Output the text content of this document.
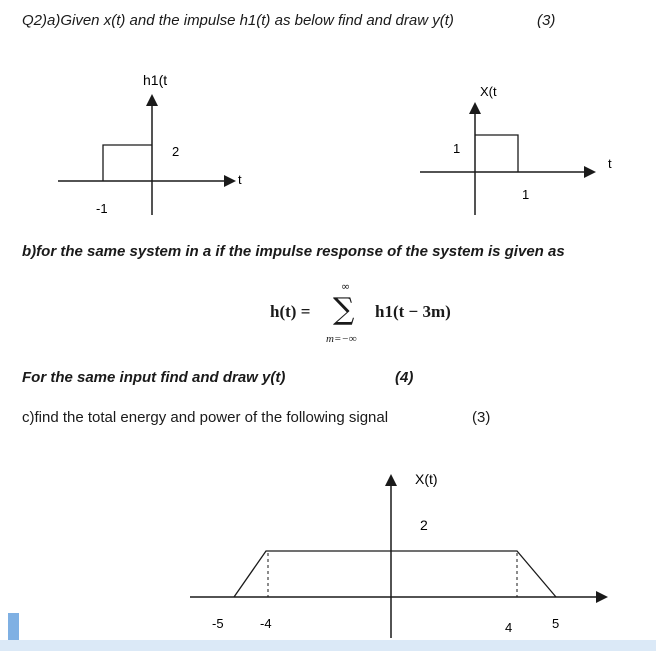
Q2)a)Given x(t) and the impulse h1(t) as below find and draw y(t)	(3)
h1(t
2
-1
t
X(t
1
1
t
b)for the same system in a if the impulse response of the system is given as
h(t) =
∞
∑
m=−∞
h1(t − 3m)
For the same input find and draw y(t)	(4)
c)find the total energy and power of the following signal	(3)
X(t)
2
-5	-4	4	5
